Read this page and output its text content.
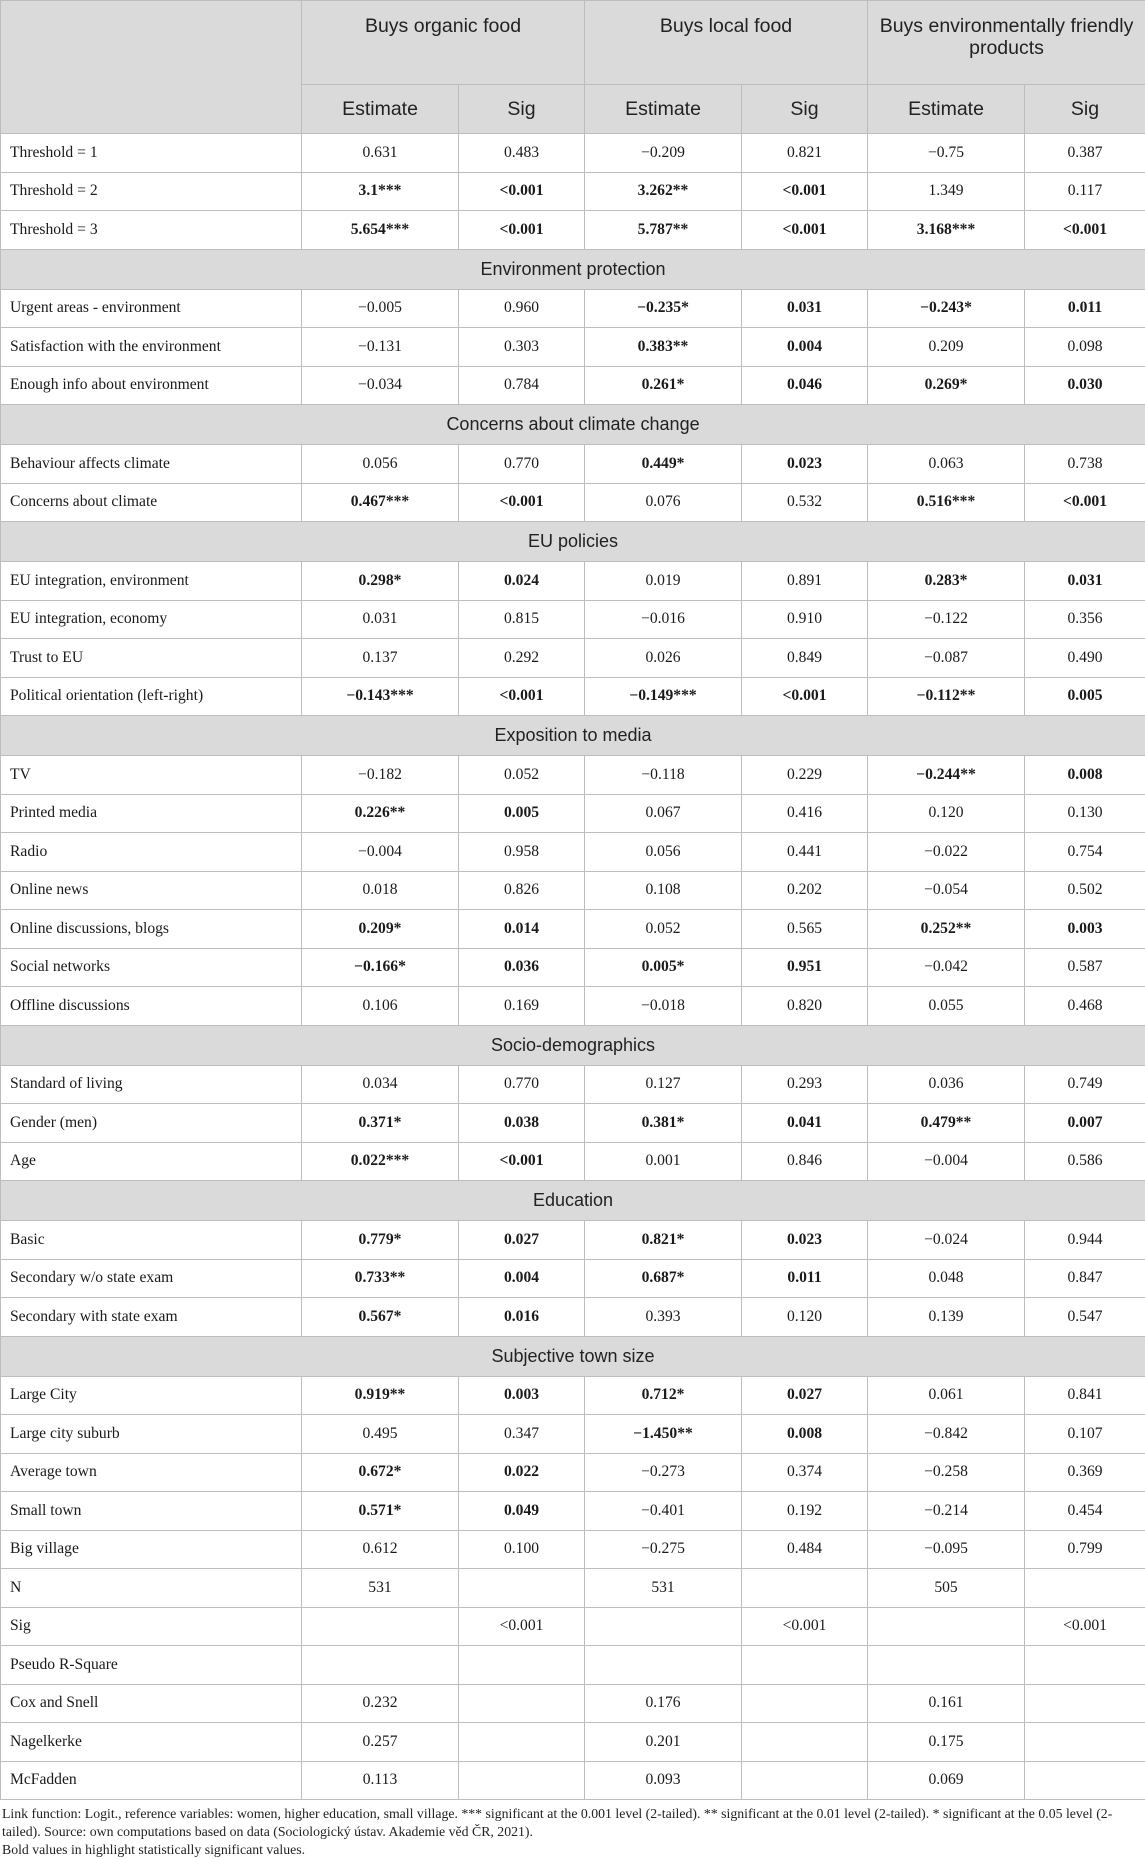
	Buys organic food		Buys local food		Buys environmentally friendly products	
	Estimate	Sig	Estimate	Sig	Estimate	Sig
Threshold = 1	0.631	0.483	−0.209	0.821	−0.75	0.387
Threshold = 2	3.1***	<0.001	3.262**	<0.001	1.349	0.117
Threshold = 3	5.654***	<0.001	5.787**	<0.001	3.168***	<0.001
Environment protection						
Urgent areas - environment	−0.005	0.960	−0.235*	0.031	−0.243*	0.011
Satisfaction with the environment	−0.131	0.303	0.383**	0.004	0.209	0.098
Enough info about environment	−0.034	0.784	0.261*	0.046	0.269*	0.030
Concerns about climate change						
Behaviour affects climate	0.056	0.770	0.449*	0.023	0.063	0.738
Concerns about climate	0.467***	<0.001	0.076	0.532	0.516***	<0.001
EU policies						
EU integration, environment	0.298*	0.024	0.019	0.891	0.283*	0.031
EU integration, economy	0.031	0.815	−0.016	0.910	−0.122	0.356
Trust to EU	0.137	0.292	0.026	0.849	−0.087	0.490
Political orientation (left-right)	−0.143***	<0.001	−0.149***	<0.001	−0.112**	0.005
Exposition to media						
TV	−0.182	0.052	−0.118	0.229	−0.244**	0.008
Printed media	0.226**	0.005	0.067	0.416	0.120	0.130
Radio	−0.004	0.958	0.056	0.441	−0.022	0.754
Online news	0.018	0.826	0.108	0.202	−0.054	0.502
Online discussions, blogs	0.209*	0.014	0.052	0.565	0.252**	0.003
Social networks	−0.166*	0.036	0.005*	0.951	−0.042	0.587
Offline discussions	0.106	0.169	−0.018	0.820	0.055	0.468
Socio-demographics						
Standard of living	0.034	0.770	0.127	0.293	0.036	0.749
Gender (men)	0.371*	0.038	0.381*	0.041	0.479**	0.007
Age	0.022***	<0.001	0.001	0.846	−0.004	0.586
Education						
Basic	0.779*	0.027	0.821*	0.023	−0.024	0.944
Secondary w/o state exam	0.733**	0.004	0.687*	0.011	0.048	0.847
Secondary with state exam	0.567*	0.016	0.393	0.120	0.139	0.547
Subjective town size						
Large City	0.919**	0.003	0.712*	0.027	0.061	0.841
Large city suburb	0.495	0.347	−1.450**	0.008	−0.842	0.107
Average town	0.672*	0.022	−0.273	0.374	−0.258	0.369
Small town	0.571*	0.049	−0.401	0.192	−0.214	0.454
Big village	0.612	0.100	−0.275	0.484	−0.095	0.799
N	531		531		505	
Sig		<0.001		<0.001		<0.001
Pseudo R-Square						
Cox and Snell	0.232		0.176		0.161	
Nagelkerke	0.257		0.201		0.175	
McFadden	0.113		0.093		0.069	

Link function: Logit., reference variables: women, higher education, small village. *** significant at the 0.001 level (2-tailed). ** significant at the 0.01 level (2-tailed). * significant at the 0.05 level (2-tailed). Source: own computations based on data (Sociologický ústav. Akademie věd ČR, 2021).

Bold values in highlight statistically significant values.
